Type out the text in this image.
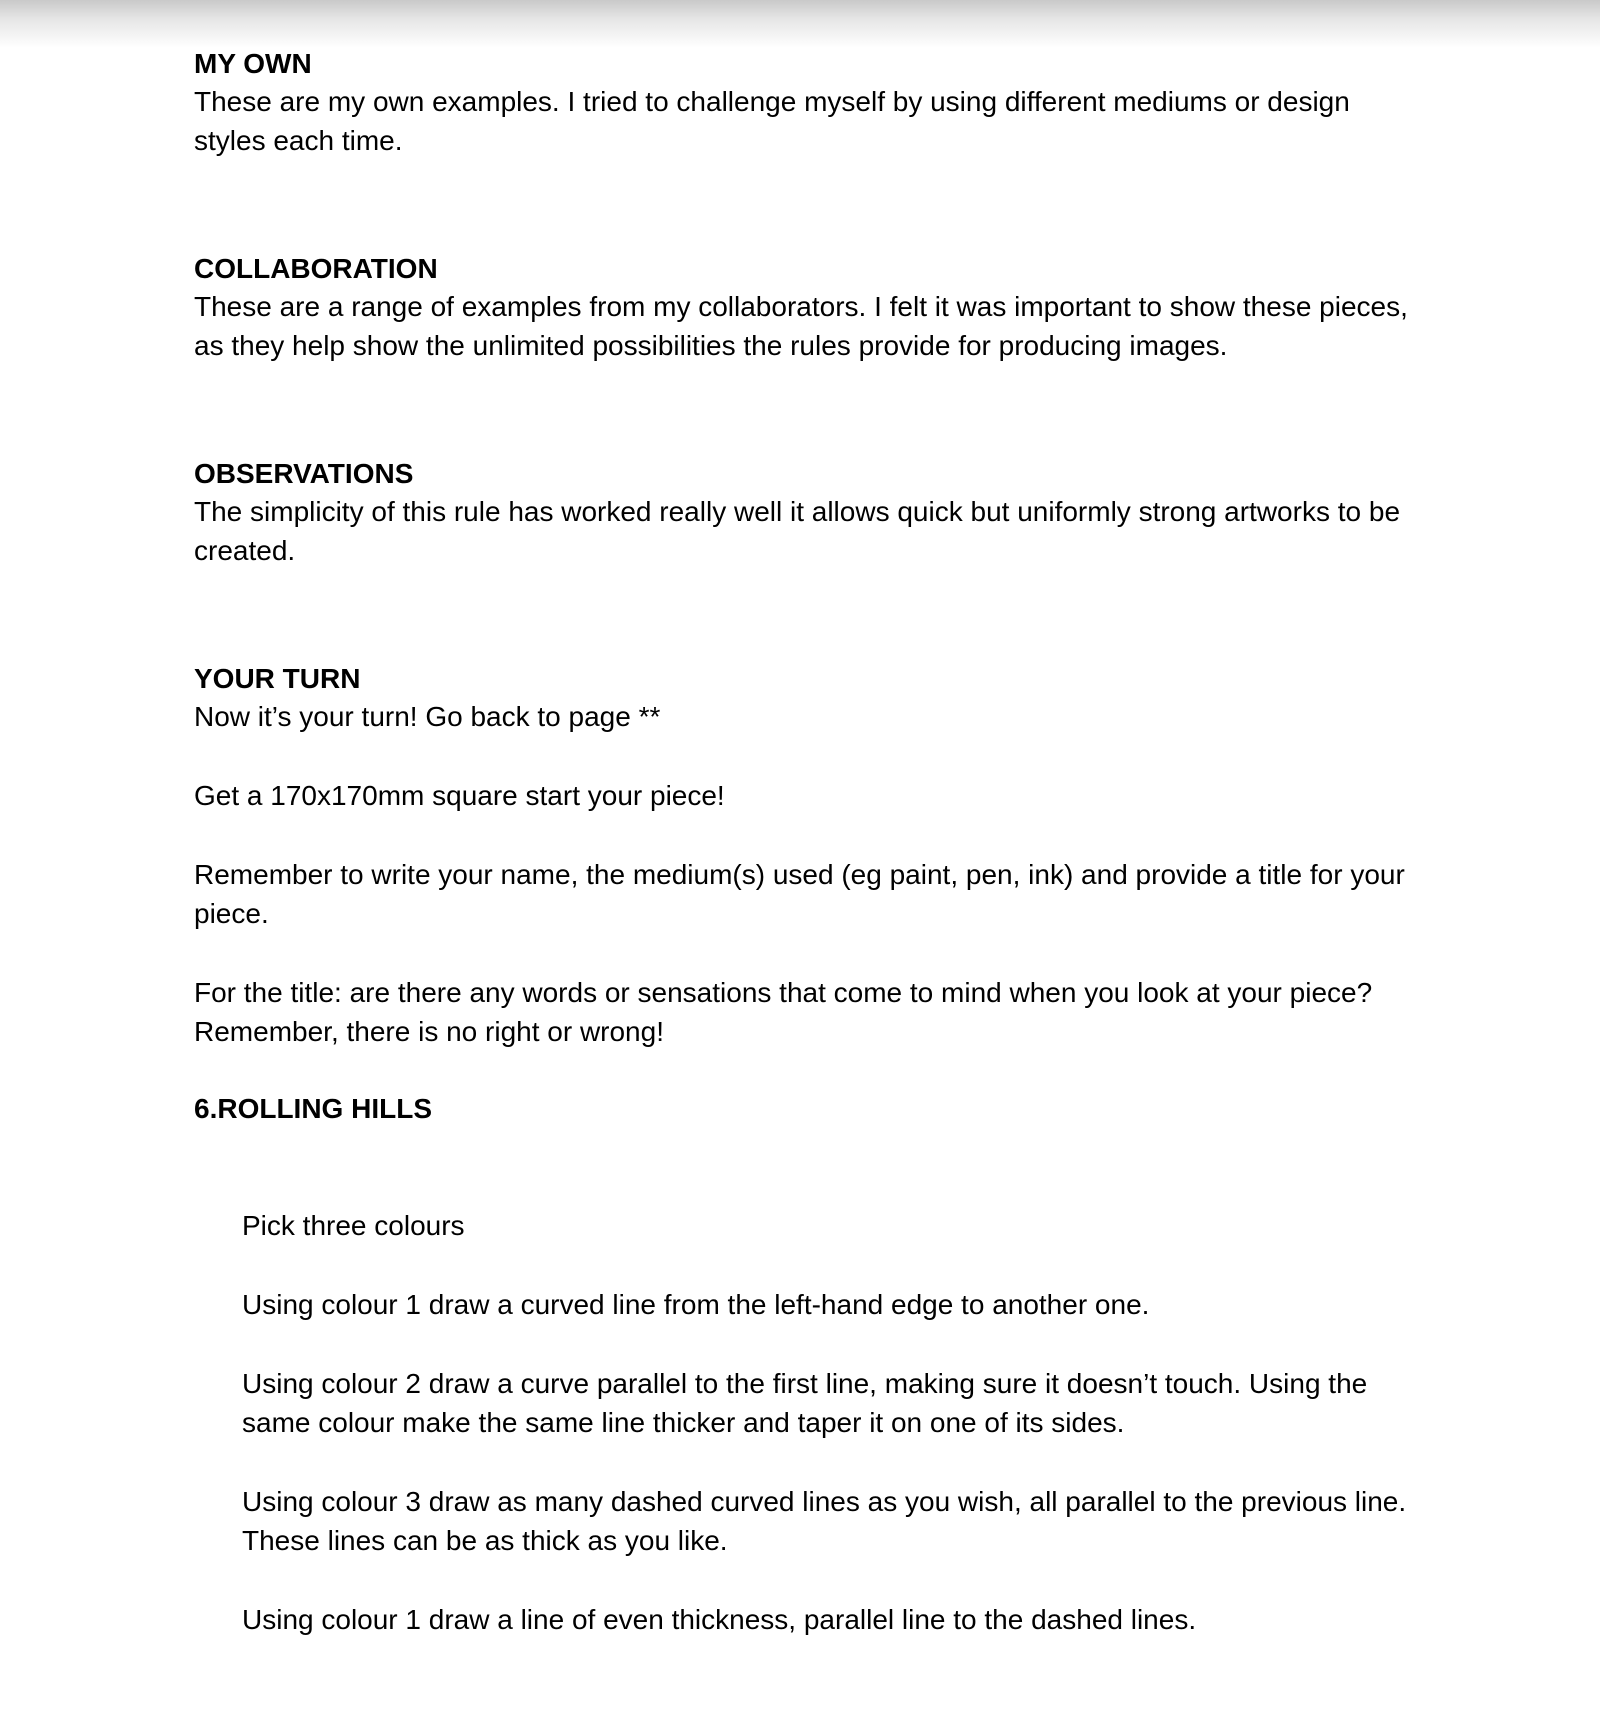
MY OWN

These are my own examples. I tried to challenge myself by using different mediums or design styles each time.

COLLABORATION

These are a range of examples from my collaborators. I felt it was important to show these pieces, as they help show the unlimited possibilities the rules provide for producing images.

OBSERVATIONS

The simplicity of this rule has worked really well it allows quick but uniformly strong artworks to be created.

YOUR TURN

Now it’s your turn! Go back to page **

Get a 170x170mm square start your piece!

Remember to write your name, the medium(s) used (eg paint, pen, ink) and provide a title for your piece.

For the title: are there any words or sensations that come to mind when you look at your piece? Remember, there is no right or wrong!

6.ROLLING HILLS

Pick three colours

Using colour 1 draw a curved line from the left-hand edge to another one.

Using colour 2 draw a curve parallel to the first line, making sure it doesn’t touch. Using the same colour make the same line thicker and taper it on one of its sides.

Using colour 3 draw as many dashed curved lines as you wish, all parallel to the previous line. These lines can be as thick as you like.

Using colour 1 draw a line of even thickness, parallel line to the dashed lines.
